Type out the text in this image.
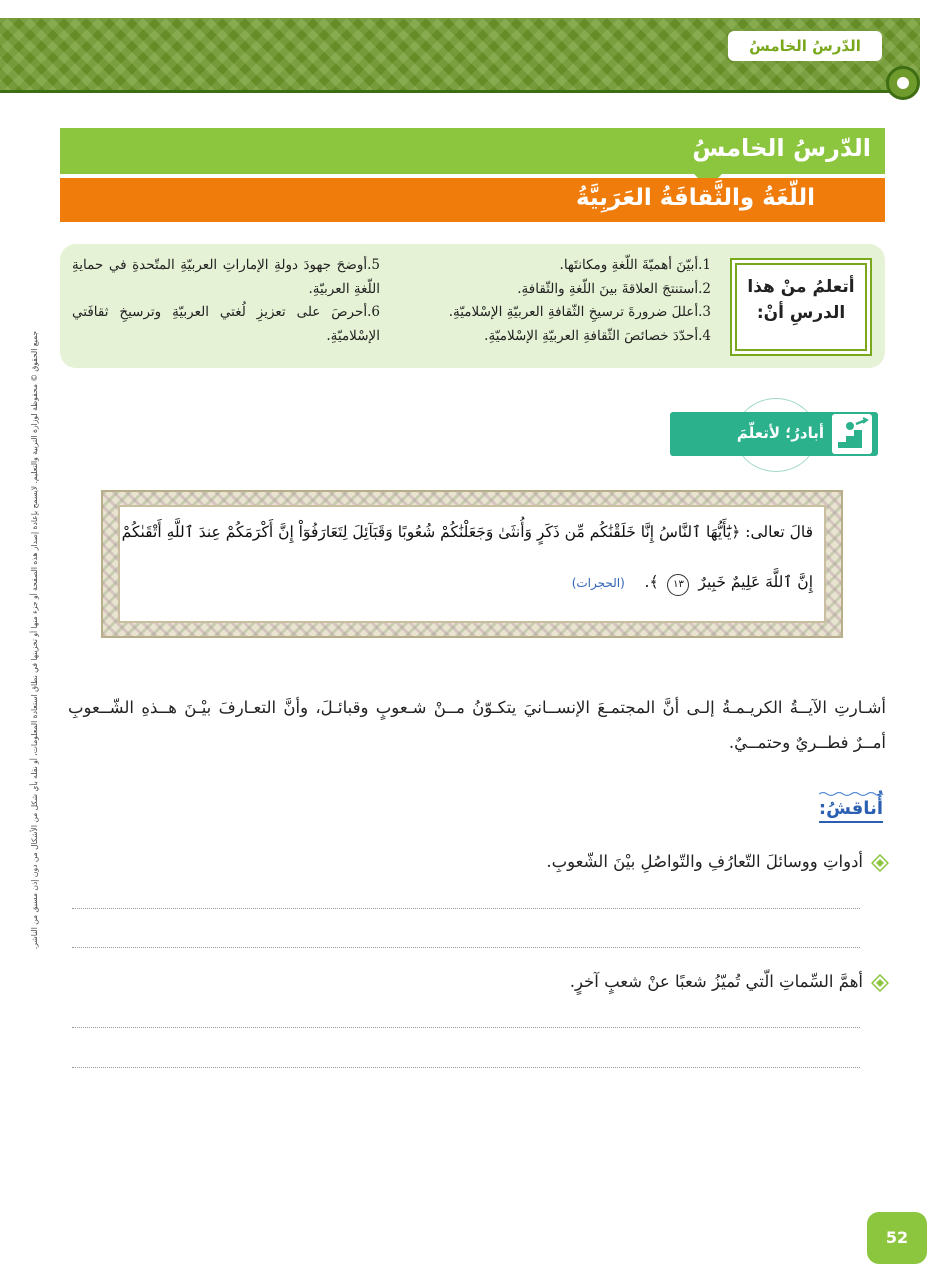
الدّرسُ الخامسُ
الدّرسُ الخامسُ
اللّغَةُ والثَّقافَةُ العَرَبِيَّةُ
أتعلمُ منْ هذا الدرسِ أنْ:
1.أبيّنَ أهميّةَ اللّغةِ ومكانتَها.
2.أستنتجَ العلاقةَ بينَ اللّغةِ والثّقافةِ.
3.أعللَ ضرورةَ ترسيخِ الثّقافةِ العربيّةِ الإسْلاميّةِ.
4.أحدّدَ خصائصَ الثّقافةِ العربيّةِ الإسْلاميّةِ.
5.أوضحَ جهودَ دولةِ الإماراتِ العربيّةِ المتّحدةِ في حمايةِ اللّغةِ العربيّةِ.
6.أحرصَ على تعزيزِ لُغتي العربيّةِ وترسيخِ ثقافَتي الإسْلاميّةِ.
أبادرُ؛ لأتعلّمَ
قالَ تعالى: ﴿يَٰٓأَيُّهَا ٱلنَّاسُ إِنَّا خَلَقْنَٰكُم مِّن ذَكَرٍ وَأُنثَىٰ وَجَعَلْنَٰكُمْ شُعُوبًا وَقَبَآئِلَ لِتَعَارَفُوٓاْ إِنَّ أَكْرَمَكُمْ عِندَ ٱللَّهِ أَتْقَىٰكُمْ
إِنَّ ٱللَّهَ عَلِيمٌ خَبِيرٌ ١٣ ﴾.    (الحجرات)
أشـارتِ الآيــةُ الكريـمـةُ إلـى أنَّ المجتمـعَ الإنســانيَ يتكـوّنُ مــنْ شـعوبٍ وقبائـلَ، وأنَّ التعـارفَ بيْـنَ هــذهِ الشّــعوبِ أمــرٌ فطــريٌ وحتمــيٌ.
أُناقشُ:
أدواتِ ووسائلَ التّعارُفِ والتّواصُلِ بيْنَ الشّعوبِ.
أهمَّ السِّماتِ الّتي تُميّزُ شعبًا عنْ شعبٍ آخرٍ.
جميع الحقوق © محفوظة لوزارة التربية والتعليم. لايسمح بإعادة إصدار هذه الصفحة أو جزء منها أو تخزينها في نطاق استعادة المعلومات، أو نقله بأي شكل من الأشكال من دون إذن مسبق من الناشر.
52
